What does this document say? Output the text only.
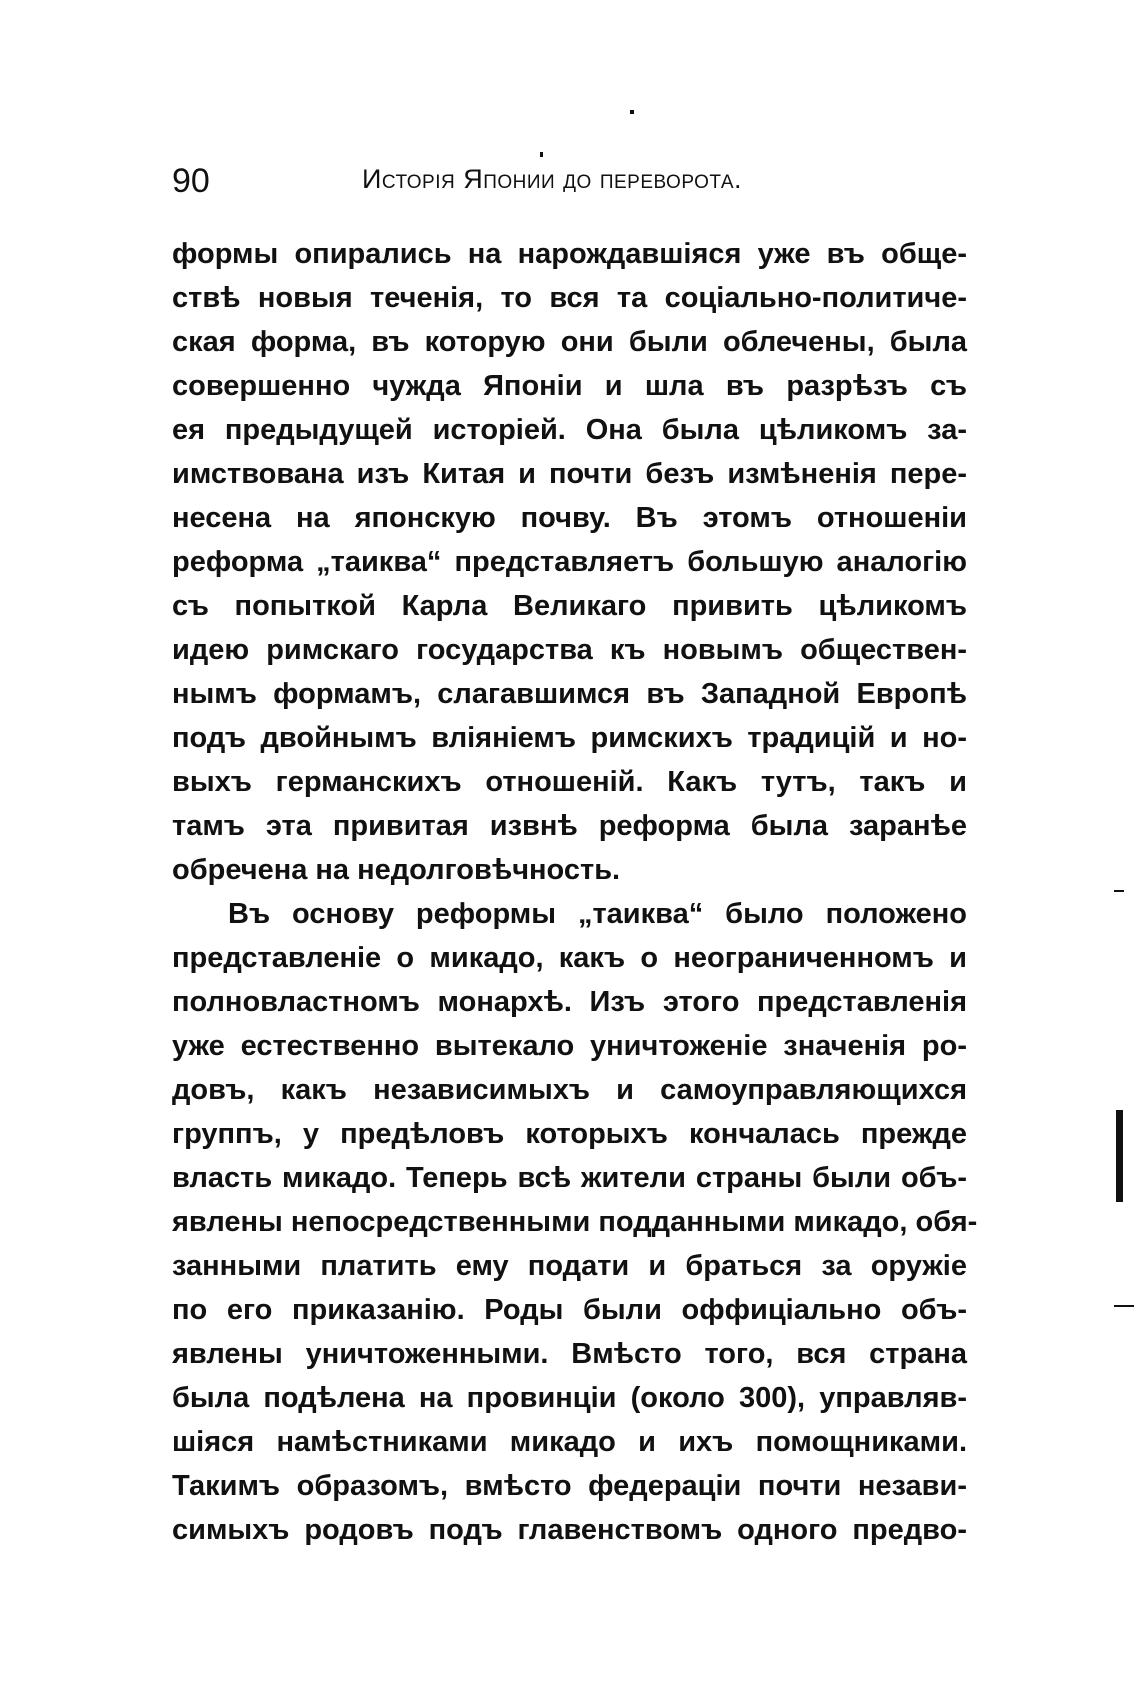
90	Исторія Японии до переворота.
формы опирались на нарождавшіяся уже въ обще-
ствѣ новыя теченія, то вся та соціально-политиче-
ская форма, въ которую они были облечены, была
совершенно чужда Японіи и шла въ разрѣзъ съ
ея предыдущей исторіей. Она была цѣликомъ за-
имствована изъ Китая и почти безъ измѣненія пере-
несена на японскую почву. Въ этомъ отношеніи
реформа „таиква“ представляетъ большую аналогію
съ попыткой Карла Великаго привить цѣликомъ
идею римскаго государства къ новымъ обществен-
нымъ формамъ, слагавшимся въ Западной Европѣ
подъ двойнымъ вліяніемъ римскихъ традицій и но-
выхъ германскихъ отношеній. Какъ тутъ, такъ и
тамъ эта привитая извнѣ реформа была заранѣе
обречена на недолговѣчность.
Въ основу реформы „таиква“ было положено
представленіе о микадо, какъ о неограниченномъ и
полновластномъ монархѣ. Изъ этого представленія
уже естественно вытекало уничтоженіе значенія ро-
довъ, какъ независимыхъ и самоуправляющихся
группъ, у предѣловъ которыхъ кончалась прежде
власть микадо. Теперь всѣ жители страны были объ-
явлены непосредственными подданными микадо, обя-
занными платить ему подати и браться за оружіе
по его приказанію. Роды были оффиціально объ-
явлены уничтоженными. Вмѣсто того, вся страна
была подѣлена на провинціи (около 300), управляв-
шіяся намѣстниками микадо и ихъ помощниками.
Такимъ образомъ, вмѣсто федераціи почти незави-
симыхъ родовъ подъ главенствомъ одного предво-
